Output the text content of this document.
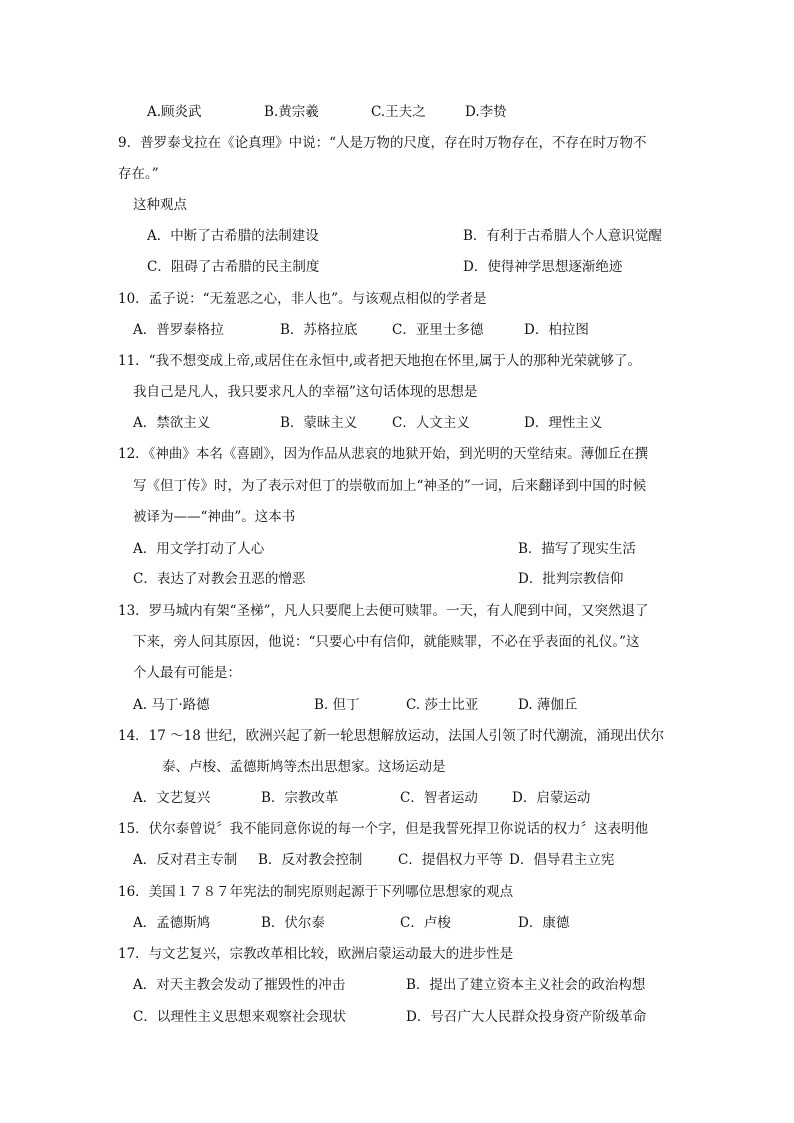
A.顾炎武	B.黄宗羲	C.王夫之	D.李贽
9．普罗泰戈拉在《论真理》中说：“人是万物的尺度，存在时万物存在，不存在时万物不
存在。”
这种观点
A．中断了古希腊的法制建设	B．有利于古希腊人个人意识觉醒
C．阻碍了古希腊的民主制度	D．使得神学思想逐渐绝迹
10．孟子说：“无羞恶之心，非人也”。与该观点相似的学者是
A．普罗泰格拉	B．苏格拉底	C．亚里士多德	D．柏拉图
11．“我不想变成上帝,或居住在永恒中,或者把天地抱在怀里,属于人的那种光荣就够了。
我自己是凡人，我只要求凡人的幸福”这句话体现的思想是
A．禁欲主义	B．蒙昧主义	C．人文主义	D．理性主义
12．《神曲》本名《喜剧》，因为作品从悲哀的地狱开始，到光明的天堂结束。薄伽丘在撰
写《但丁传》时，为了表示对但丁的崇敬而加上“神圣的”一词，后来翻译到中国的时候
被译为——“神曲”。这本书
A．用文学打动了人心	B．描写了现实生活
C．表达了对教会丑恶的憎恶	D．批判宗教信仰
13．罗马城内有架“圣梯”，凡人只要爬上去便可赎罪。一天，有人爬到中间，又突然退了
下来，旁人问其原因，他说：“只要心中有信仰，就能赎罪，不必在乎表面的礼仪。”这
个人最有可能是：
A. 马丁·路德	B. 但丁	C. 莎士比亚	D. 薄伽丘
14．17 ～18 世纪，欧洲兴起了新一轮思想解放运动，法国人引领了时代潮流，涌现出伏尔
泰、卢梭、孟德斯鸠等杰出思想家。这场运动是
A．文艺复兴	B．宗教改革	C．智者运动	D．启蒙运动
15．伏尔泰曾说〞我不能同意你说的每一个字，但是我誓死捍卫你说话的权力〞这表明他
A．反对君主专制 B．反对教会控制	C．提倡权力平等 D．倡导君主立宪
16．美国１７８７年宪法的制宪原则起源于下列哪位思想家的观点
A．孟德斯鸠	B．伏尔泰	C．卢梭	D．康德
17．与文艺复兴，宗教改革相比较，欧洲启蒙运动最大的进步性是
A．对天主教会发动了摧毁性的冲击	B．提出了建立资本主义社会的政治构想
C．以理性主义思想来观察社会现状	D．号召广大人民群众投身资产阶级革命
